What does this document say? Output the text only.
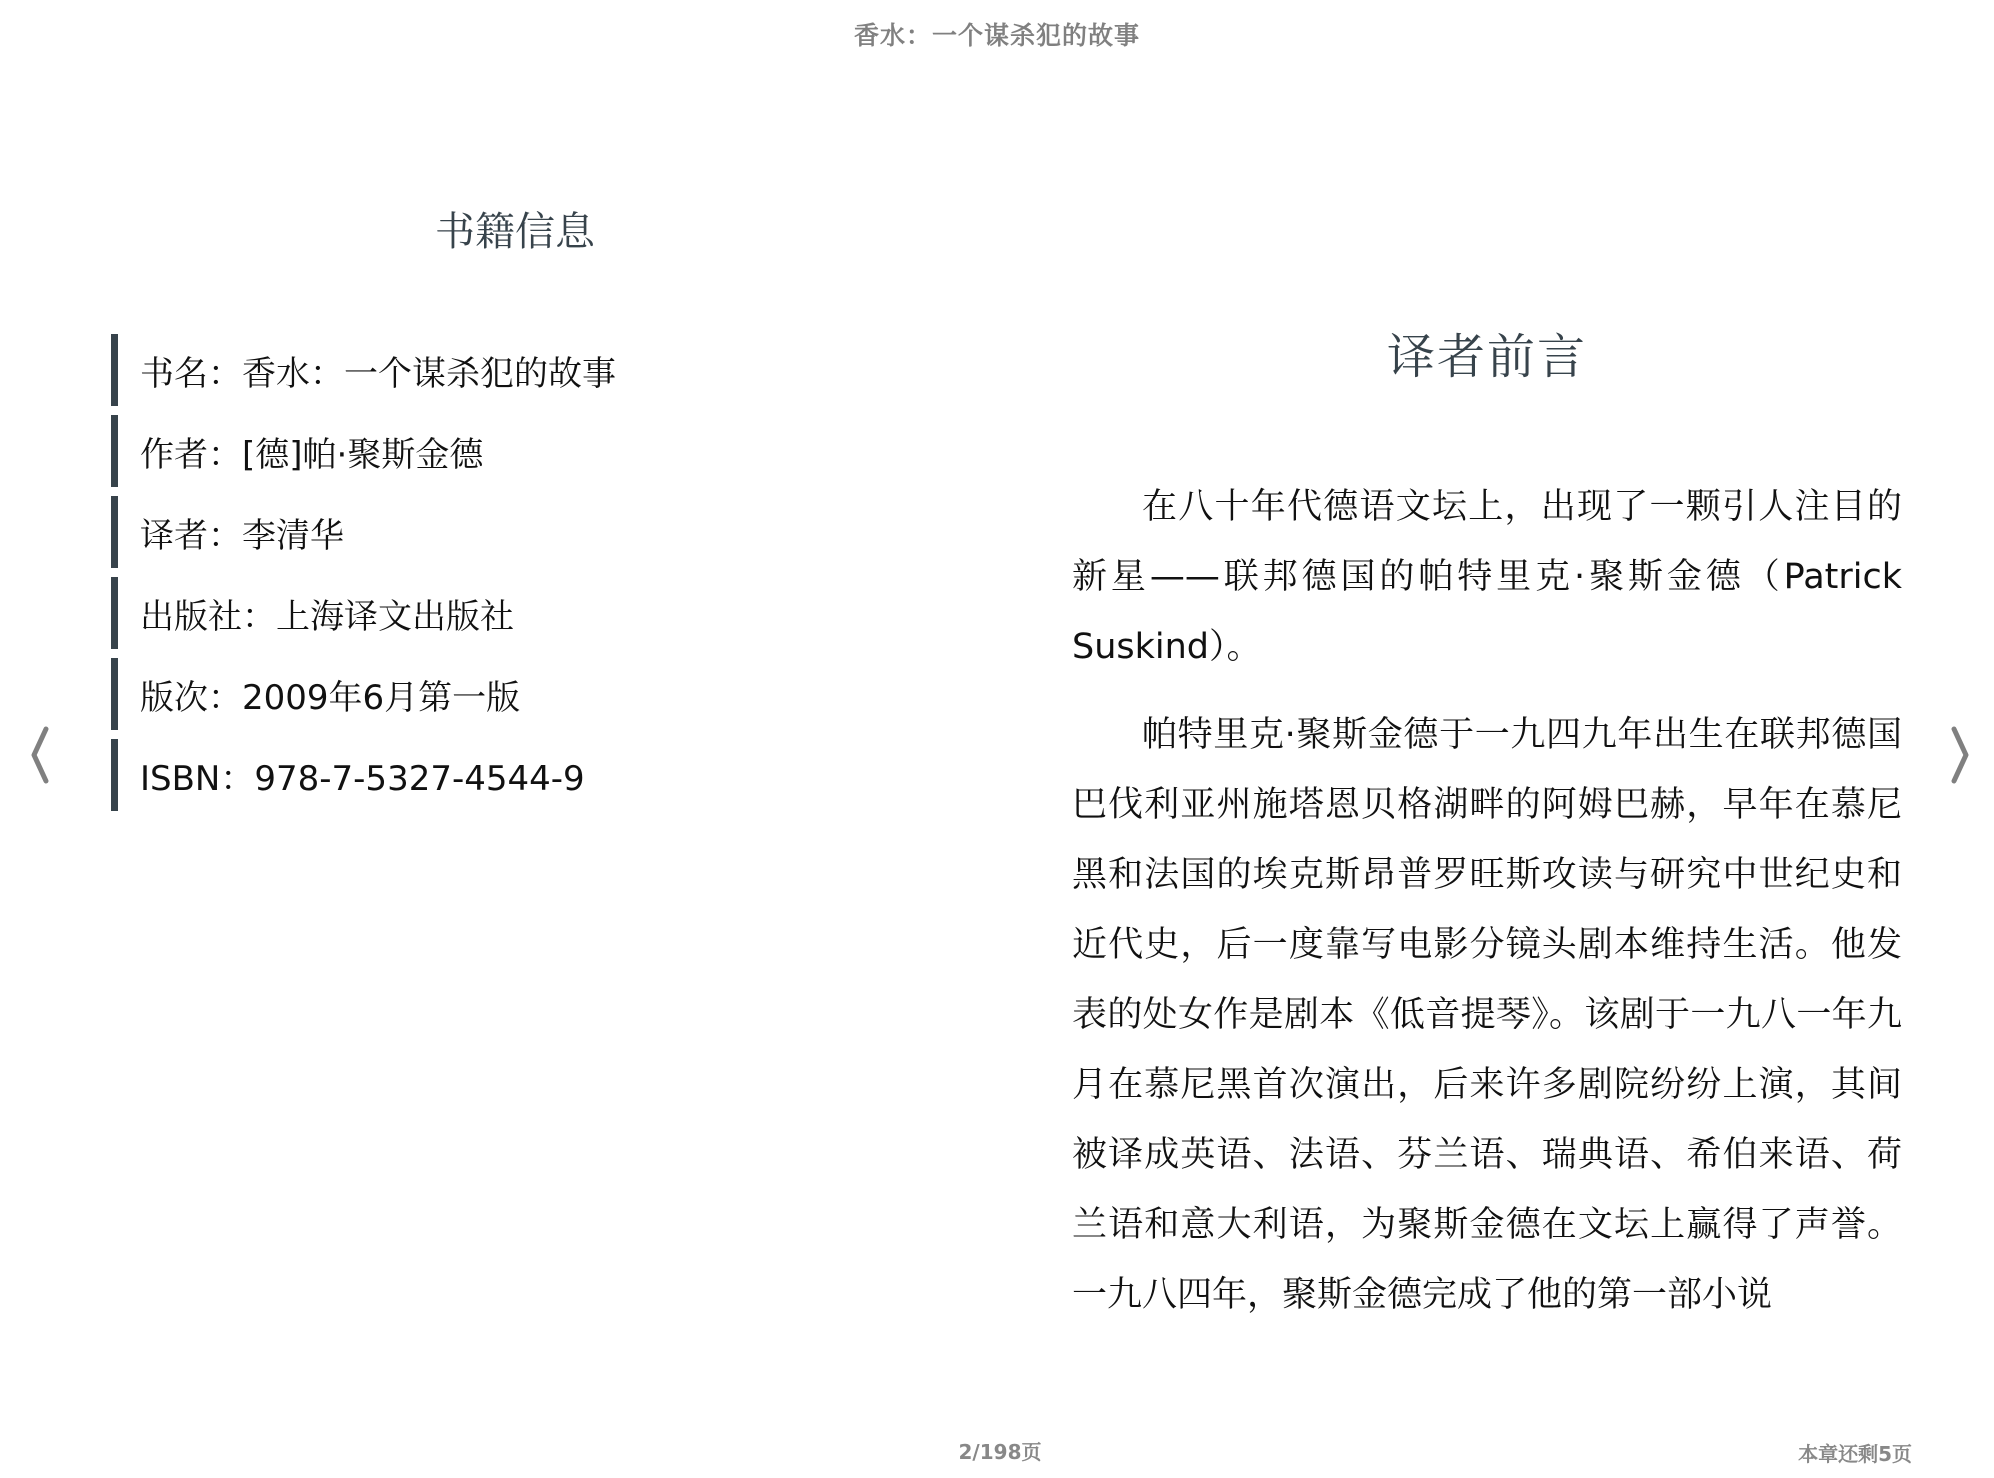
香水：一个谋杀犯的故事
书籍信息
书名：香水：一个谋杀犯的故事
作者：[德]帕·聚斯金德
译者：李清华
出版社：上海译文出版社
版次：2009年6月第一版
ISBN：978-7-5327-4544-9
译者前言

在八十年代德语文坛上，出现了一颗引人注目的新星——联邦德国的帕特里克·聚斯金德（Patrick Suskind）。

帕特里克·聚斯金德于一九四九年出生在联邦德国巴伐利亚州施塔恩贝格湖畔的阿姆巴赫，早年在慕尼黑和法国的埃克斯昂普罗旺斯攻读与研究中世纪史和近代史，后一度靠写电影分镜头剧本维持生活。他发表的处女作是剧本《低音提琴》。该剧于一九八一年九月在慕尼黑首次演出，后来许多剧院纷纷上演，其间被译成英语、法语、芬兰语、瑞典语、希伯来语、荷兰语和意大利语，为聚斯金德在文坛上赢得了声誉。一九八四年，聚斯金德完成了他的第一部小说

2/198页	本章还剩5页
